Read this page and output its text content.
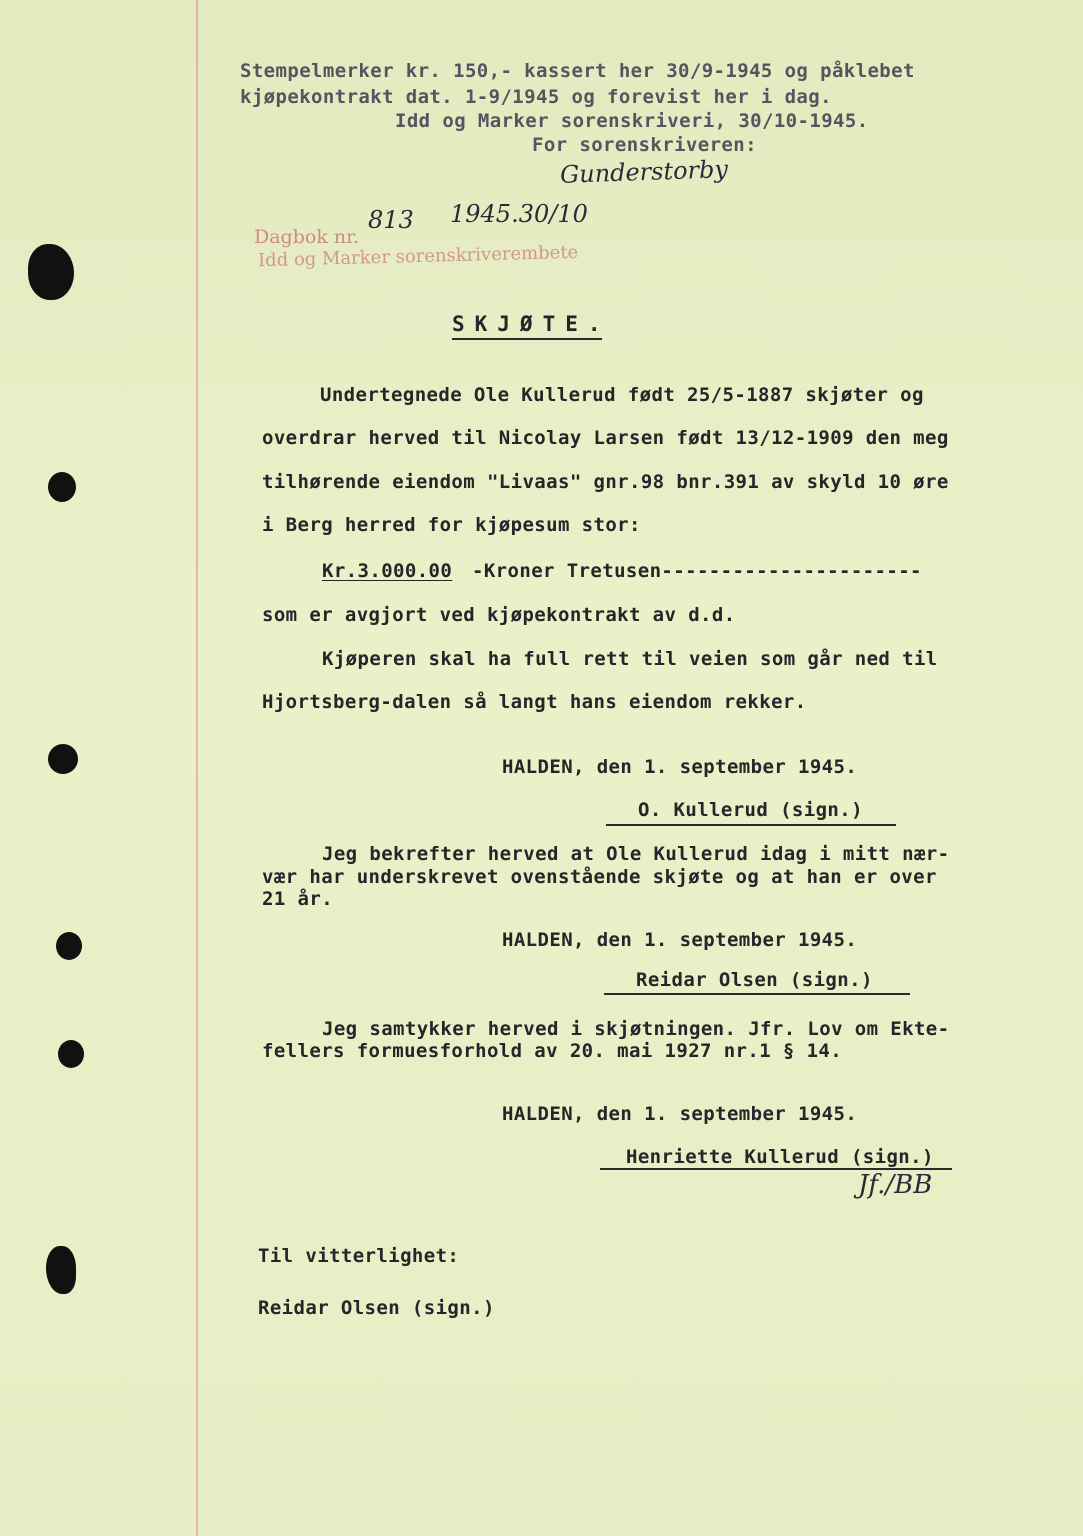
Stempelmerker kr. 150,- kassert her 30/9-1945 og påklebet
kjøpekontrakt dat. 1-9/1945 og forevist her i dag.
Idd og Marker sorenskriveri, 30/10-1945.
For sorenskriveren:
Gunderstorby
Dagbok nr.
813 1945.30/10
Idd og Marker sorenskriverembete
SKJØTE.
Undertegnede Ole Kullerud født 25/5-1887 skjøter og
overdrar herved til Nicolay Larsen født 13/12-1909 den meg
tilhørende eiendom "Livaas" gnr.98 bnr.391 av skyld 10 øre
i Berg herred for kjøpesum stor:
Kr.3.000.00 -Kroner Tretusen----------------------
som er avgjort ved kjøpekontrakt av d.d.
Kjøperen skal ha full rett til veien som går ned til
Hjortsberg-dalen så langt hans eiendom rekker.
HALDEN, den 1. september 1945.
O. Kullerud (sign.)
Jeg bekrefter herved at Ole Kullerud idag i mitt nær-
vær har underskrevet ovenstående skjøte og at han er over
21 år.
HALDEN, den 1. september 1945.
Reidar Olsen (sign.)
Jeg samtykker herved i skjøtningen. Jfr. Lov om Ekte-
fellers formuesforhold av 20. mai 1927 nr.1 § 14.
HALDEN, den 1. september 1945.
Henriette Kullerud (sign.)
Jf./BB
Til vitterlighet:
Reidar Olsen (sign.)
